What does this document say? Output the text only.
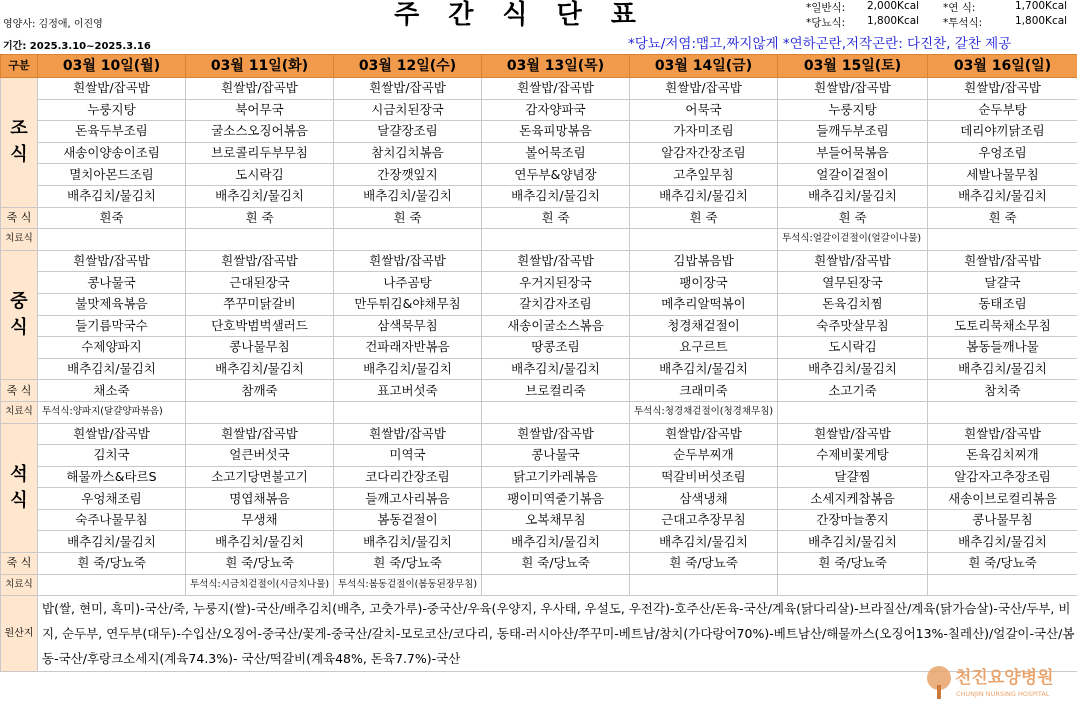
주 간 식 단 표
영양사: 김정애, 이진영
기간: 2025.3.10~2025.3.16
*일반식: 2,000Kcal *연 식:	1,700Kcal
*당뇨식: 1,800Kcal *투석식:	1,800Kcal
*당뇨/저염:맵고,짜지않게 *연하곤란,저작곤란: 다진찬, 갈찬 제공
구분	03월 10일(월)	03월 11일(화)	03월 12일(수)	03월 13일(목)	03월 14일(금)	03월 15일(토)	03월 16일(일)

조
식	흰쌀밥/잡곡밥	흰쌀밥/잡곡밥	흰쌀밥/잡곡밥	흰쌀밥/잡곡밥	흰쌀밥/잡곡밥	흰쌀밥/잡곡밥	흰쌀밥/잡곡밥
	누룽지탕	북어무국	시금치된장국	감자양파국	어묵국	누룽지탕	순두부탕
	돈육두부조림	굴소스오징어볶음	달걀장조림	돈육피망볶음	가자미조림	들깨두부조림	데리야끼닭조림
	새송이양송이조림	브로콜리두부무침	참치김치볶음	볼어묵조림	알감자간장조림	부들어묵볶음	우엉조림
	멸치아몬드조림	도시락김	간장깻잎지	연두부&양념장	고추잎무침	얼갈이겉절이	세발나물무침
	배추김치/물김치	배추김치/물김치	배추김치/물김치	배추김치/물김치	배추김치/물김치	배추김치/물김치	배추김치/물김치
죽 식	흰죽	흰 죽	흰 죽	흰 죽	흰 죽	흰 죽	흰 죽
치료식						투석식:얼갈이겉절이(얼갈이나물)	

중
식	흰쌀밥/잡곡밥	흰쌀밥/잡곡밥	흰쌀밥/잡곡밥	흰쌀밥/잡곡밥	김밥볶음밥	흰쌀밥/잡곡밥	흰쌀밥/잡곡밥
	콩나물국	근대된장국	나주곰탕	우거지된장국	팽이장국	열무된장국	달걀국
	불맛제육볶음	쭈꾸미닭갈비	만두튀김&야채무침	갈치감자조림	메추리알떡볶이	돈육김치찜	동태조림
	들기름막국수	단호박범벅샐러드	삼색묵무침	새송이굴소스볶음	청경채겉절이	숙주맛살무침	도토리묵채소무침
	수제양파지	콩나물무침	건파래자반볶음	땅콩조림	요구르트	도시락김	봄동들깨나물
	배추김치/물김치	배추김치/물김치	배추김치/물김치	배추김치/물김치	배추김치/물김치	배추김치/물김치	배추김치/물김치
죽 식	채소죽	참깨죽	표고버섯죽	브로컬리죽	크래미죽	소고기죽	참치죽
치료식	투석식:양파지(달걀양파볶음)				투석식:청경채겉절이(청경채무침)		

석
식	흰쌀밥/잡곡밥	흰쌀밥/잡곡밥	흰쌀밥/잡곡밥	흰쌀밥/잡곡밥	흰쌀밥/잡곡밥	흰쌀밥/잡곡밥	흰쌀밥/잡곡밥
	김치국	얼큰버섯국	미역국	콩나물국	순두부찌개	수제비꽃게탕	돈육김치찌개
	해물까스&타르S	소고기당면불고기	코다리간장조림	닭고기카레볶음	떡갈비버섯조림	달걀찜	알감자고추장조림
	우엉채조림	명엽채볶음	들깨고사리볶음	팽이미역줄기볶음	삼색냉채	소세지케찹볶음	새송이브로컬리볶음
	숙주나물무침	무생채	봄동겉절이	오복채무침	근대고추장무침	간장마늘쫑지	콩나물무침
	배추김치/물김치	배추김치/물김치	배추김치/물김치	배추김치/물김치	배추김치/물김치	배추김치/물김치	배추김치/물김치
죽 식	흰 죽/당뇨죽	흰 죽/당뇨죽	흰 죽/당뇨죽	흰 죽/당뇨죽	흰 죽/당뇨죽	흰 죽/당뇨죽	흰 죽/당뇨죽
치료식		투석식:시금치겉절이(시금치나물)	투석식:봄동겉절이(봄동된장무침)				
원산지	밥(쌀, 현미, 흑미)-국산/죽, 누룽지(쌀)-국산/배추김치(배추, 고춧가루)-중국산/우육(우양지, 우사태, 우설도, 우전각)-호주산/돈육-국산/계육(닭다리살)-브라질산/계육(닭가슴살)-국산/두부, 비지, 순두부, 연두부(대두)-수입산/오징어-중국산/꽃게-중국산/갈치-모로코산/코다리, 동태-러시아산/쭈꾸미-베트남/참치(가다랑어70%)-베트남산/해물까스(오징어13%-칠레산)/얼갈이-국산/봄동-국산/후랑크소세지(계육74.3%)- 국산/떡갈비(계육48%, 돈육7.7%)-국산						
천진요양병원
CHUNJIN NURSING HOSPITAL
